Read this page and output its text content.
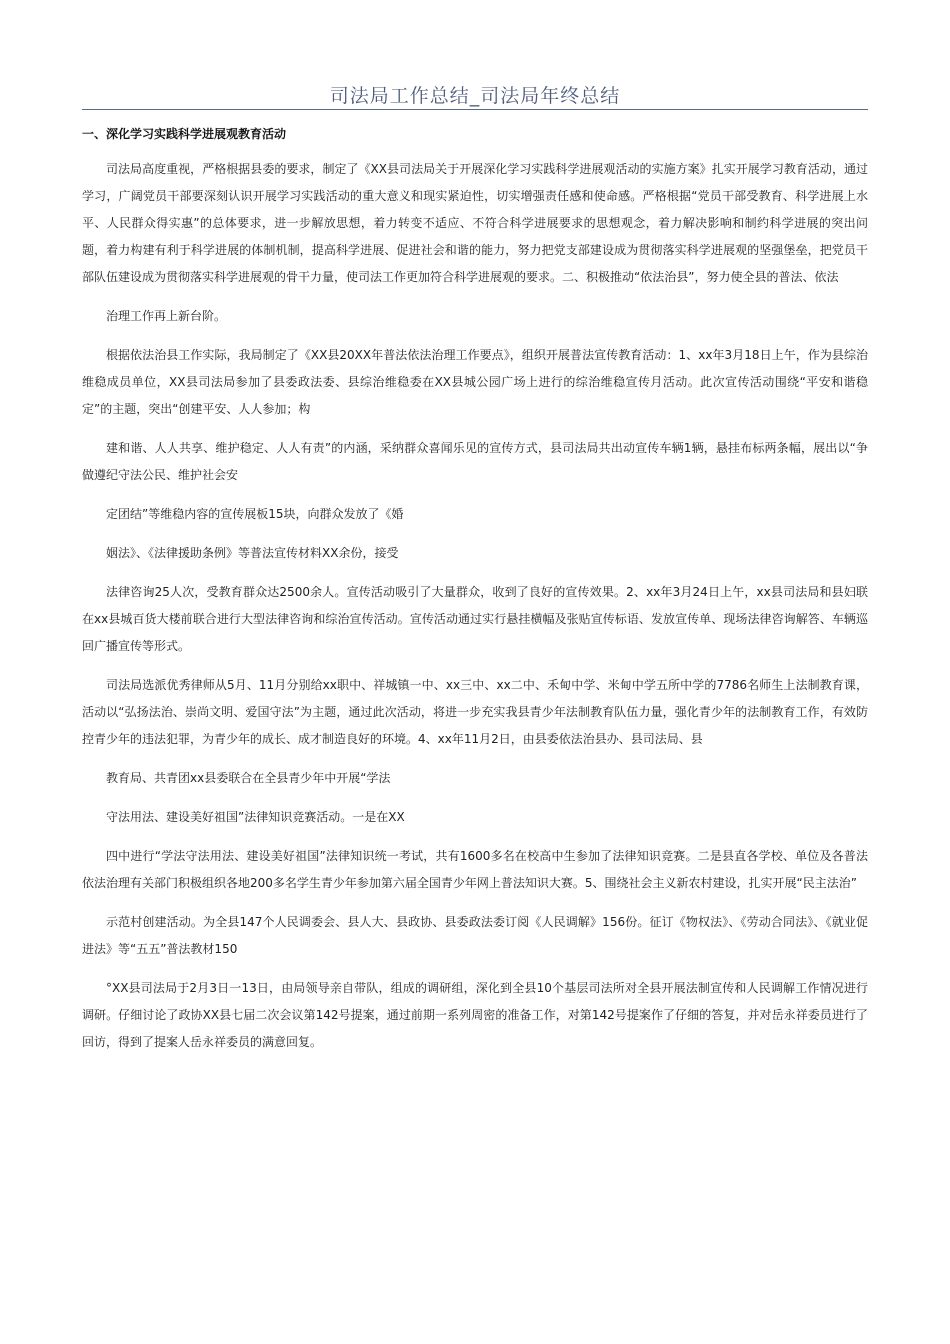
司法局工作总结_司法局年终总结
一、深化学习实践科学进展观教育活动

司法局高度重视，严格根据县委的要求，制定了《XX县司法局关于开展深化学习实践科学进展观活动的实施方案》扎实开展学习教育活动，通过学习，广阔党员干部要深刻认识开展学习实践活动的重大意义和现实紧迫性，切实增强责任感和使命感。严格根据“党员干部受教育、科学进展上水平、人民群众得实惠”的总体要求，进一步解放思想，着力转变不适应、不符合科学进展要求的思想观念，着力解决影响和制约科学进展的突出问题，着力构建有利于科学进展的体制机制，提高科学进展、促进社会和谐的能力，努力把党支部建设成为贯彻落实科学进展观的坚强堡垒，把党员干部队伍建设成为贯彻落实科学进展观的骨干力量，使司法工作更加符合科学进展观的要求。二、积极推动“依法治县”，努力使全县的普法、依法

治理工作再上新台阶。

根据依法治县工作实际，我局制定了《XX县20XX年普法依法治理工作要点》，组织开展普法宣传教育活动：1、xx年3月18日上午，作为县综治维稳成员单位，XX县司法局参加了县委政法委、县综治维稳委在XX县城公园广场上进行的综治维稳宣传月活动。此次宣传活动围绕“平安和谐稳定”的主题，突出“创建平安、人人参加；构

建和谐、人人共享、维护稳定、人人有责”的内涵，采纳群众喜闻乐见的宣传方式，县司法局共出动宣传车辆1辆，悬挂布标两条幅，展出以“争做遵纪守法公民、维护社会安

定团结”等维稳内容的宣传展板15块，向群众发放了《婚

姻法》、《法律援助条例》等普法宣传材料XX余份，接受

法律咨询25人次，受教育群众达2500余人。宣传活动吸引了大量群众，收到了良好的宣传效果。2、xx年3月24日上午，xx县司法局和县妇联在xx县城百货大楼前联合进行大型法律咨询和综治宣传活动。宣传活动通过实行悬挂横幅及张贴宣传标语、发放宣传单、现场法律咨询解答、车辆巡回广播宣传等形式。

司法局选派优秀律师从5月、11月分别给xx职中、祥城镇一中、xx三中、xx二中、禾甸中学、米甸中学五所中学的7786名师生上法制教育课，活动以“弘扬法治、崇尚文明、爱国守法”为主题，通过此次活动，将进一步充实我县青少年法制教育队伍力量，强化青少年的法制教育工作，有效防控青少年的违法犯罪，为青少年的成长、成才制造良好的环境。4、xx年11月2日，由县委依法治县办、县司法局、县

教育局、共青团xx县委联合在全县青少年中开展“学法

守法用法、建设美好祖国”法律知识竞赛活动。一是在XX

四中进行“学法守法用法、建设美好祖国”法律知识统一考试，共有1600多名在校高中生参加了法律知识竞赛。二是县直各学校、单位及各普法依法治理有关部门积极组织各地200多名学生青少年参加第六届全国青少年网上普法知识大赛。5、围绕社会主义新农村建设，扎实开展“民主法治”

示范村创建活动。为全县147个人民调委会、县人大、县政协、县委政法委订阅《人民调解》156份。征订《物权法》、《劳动合同法》、《就业促进法》等“五五”普法教材150

°XX县司法局于2月3日一13日，由局领导亲自带队，组成的调研组，深化到全县10个基层司法所对全县开展法制宣传和人民调解工作情况进行调研。仔细讨论了政协XX县七届二次会议第142号提案，通过前期一系列周密的准备工作，对第142号提案作了仔细的答复，并对岳永祥委员进行了回访，得到了提案人岳永祥委员的满意回复。
